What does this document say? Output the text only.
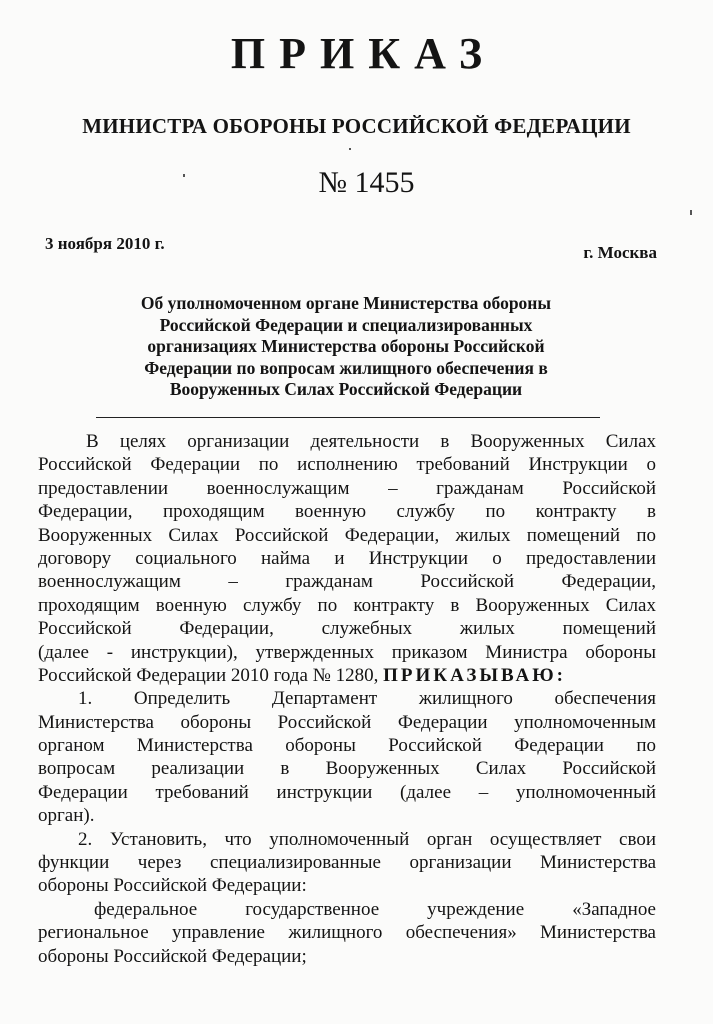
ПРИКАЗ
МИНИСТРА ОБОРОНЫ РОССИЙСКОЙ ФЕДЕРАЦИИ
№ 1455
3 ноября 2010 г.	г. Москва
Об уполномоченном органе Министерства обороны
Российской Федерации и специализированных
организациях Министерства обороны Российской
Федерации по вопросам жилищного обеспечения в
Вооруженных Силах Российской Федерации
В целях организации деятельности в Вооруженных Силах
Российской Федерации по исполнению требований Инструкции о
предоставлении военнослужащим – гражданам Российской
Федерации, проходящим военную службу по контракту в
Вооруженных Силах Российской Федерации, жилых помещений по
договору социального найма и Инструкции о предоставлении
военнослужащим – гражданам Российской Федерации,
проходящим военную службу по контракту в Вооруженных Силах
Российской Федерации, служебных жилых помещений
(далее - инструкции), утвержденных приказом Министра обороны
Российской Федерации 2010 года № 1280, ПРИКАЗЫВАЮ:
1. Определить Департамент жилищного обеспечения
Министерства обороны Российской Федерации уполномоченным
органом Министерства обороны Российской Федерации по
вопросам реализации в Вооруженных Силах Российской
Федерации требований инструкции (далее – уполномоченный
орган).
2. Установить, что уполномоченный орган осуществляет свои
функции через специализированные организации Министерства
обороны Российской Федерации:
федеральное государственное учреждение «Западное
региональное управление жилищного обеспечения» Министерства
обороны Российской Федерации;
